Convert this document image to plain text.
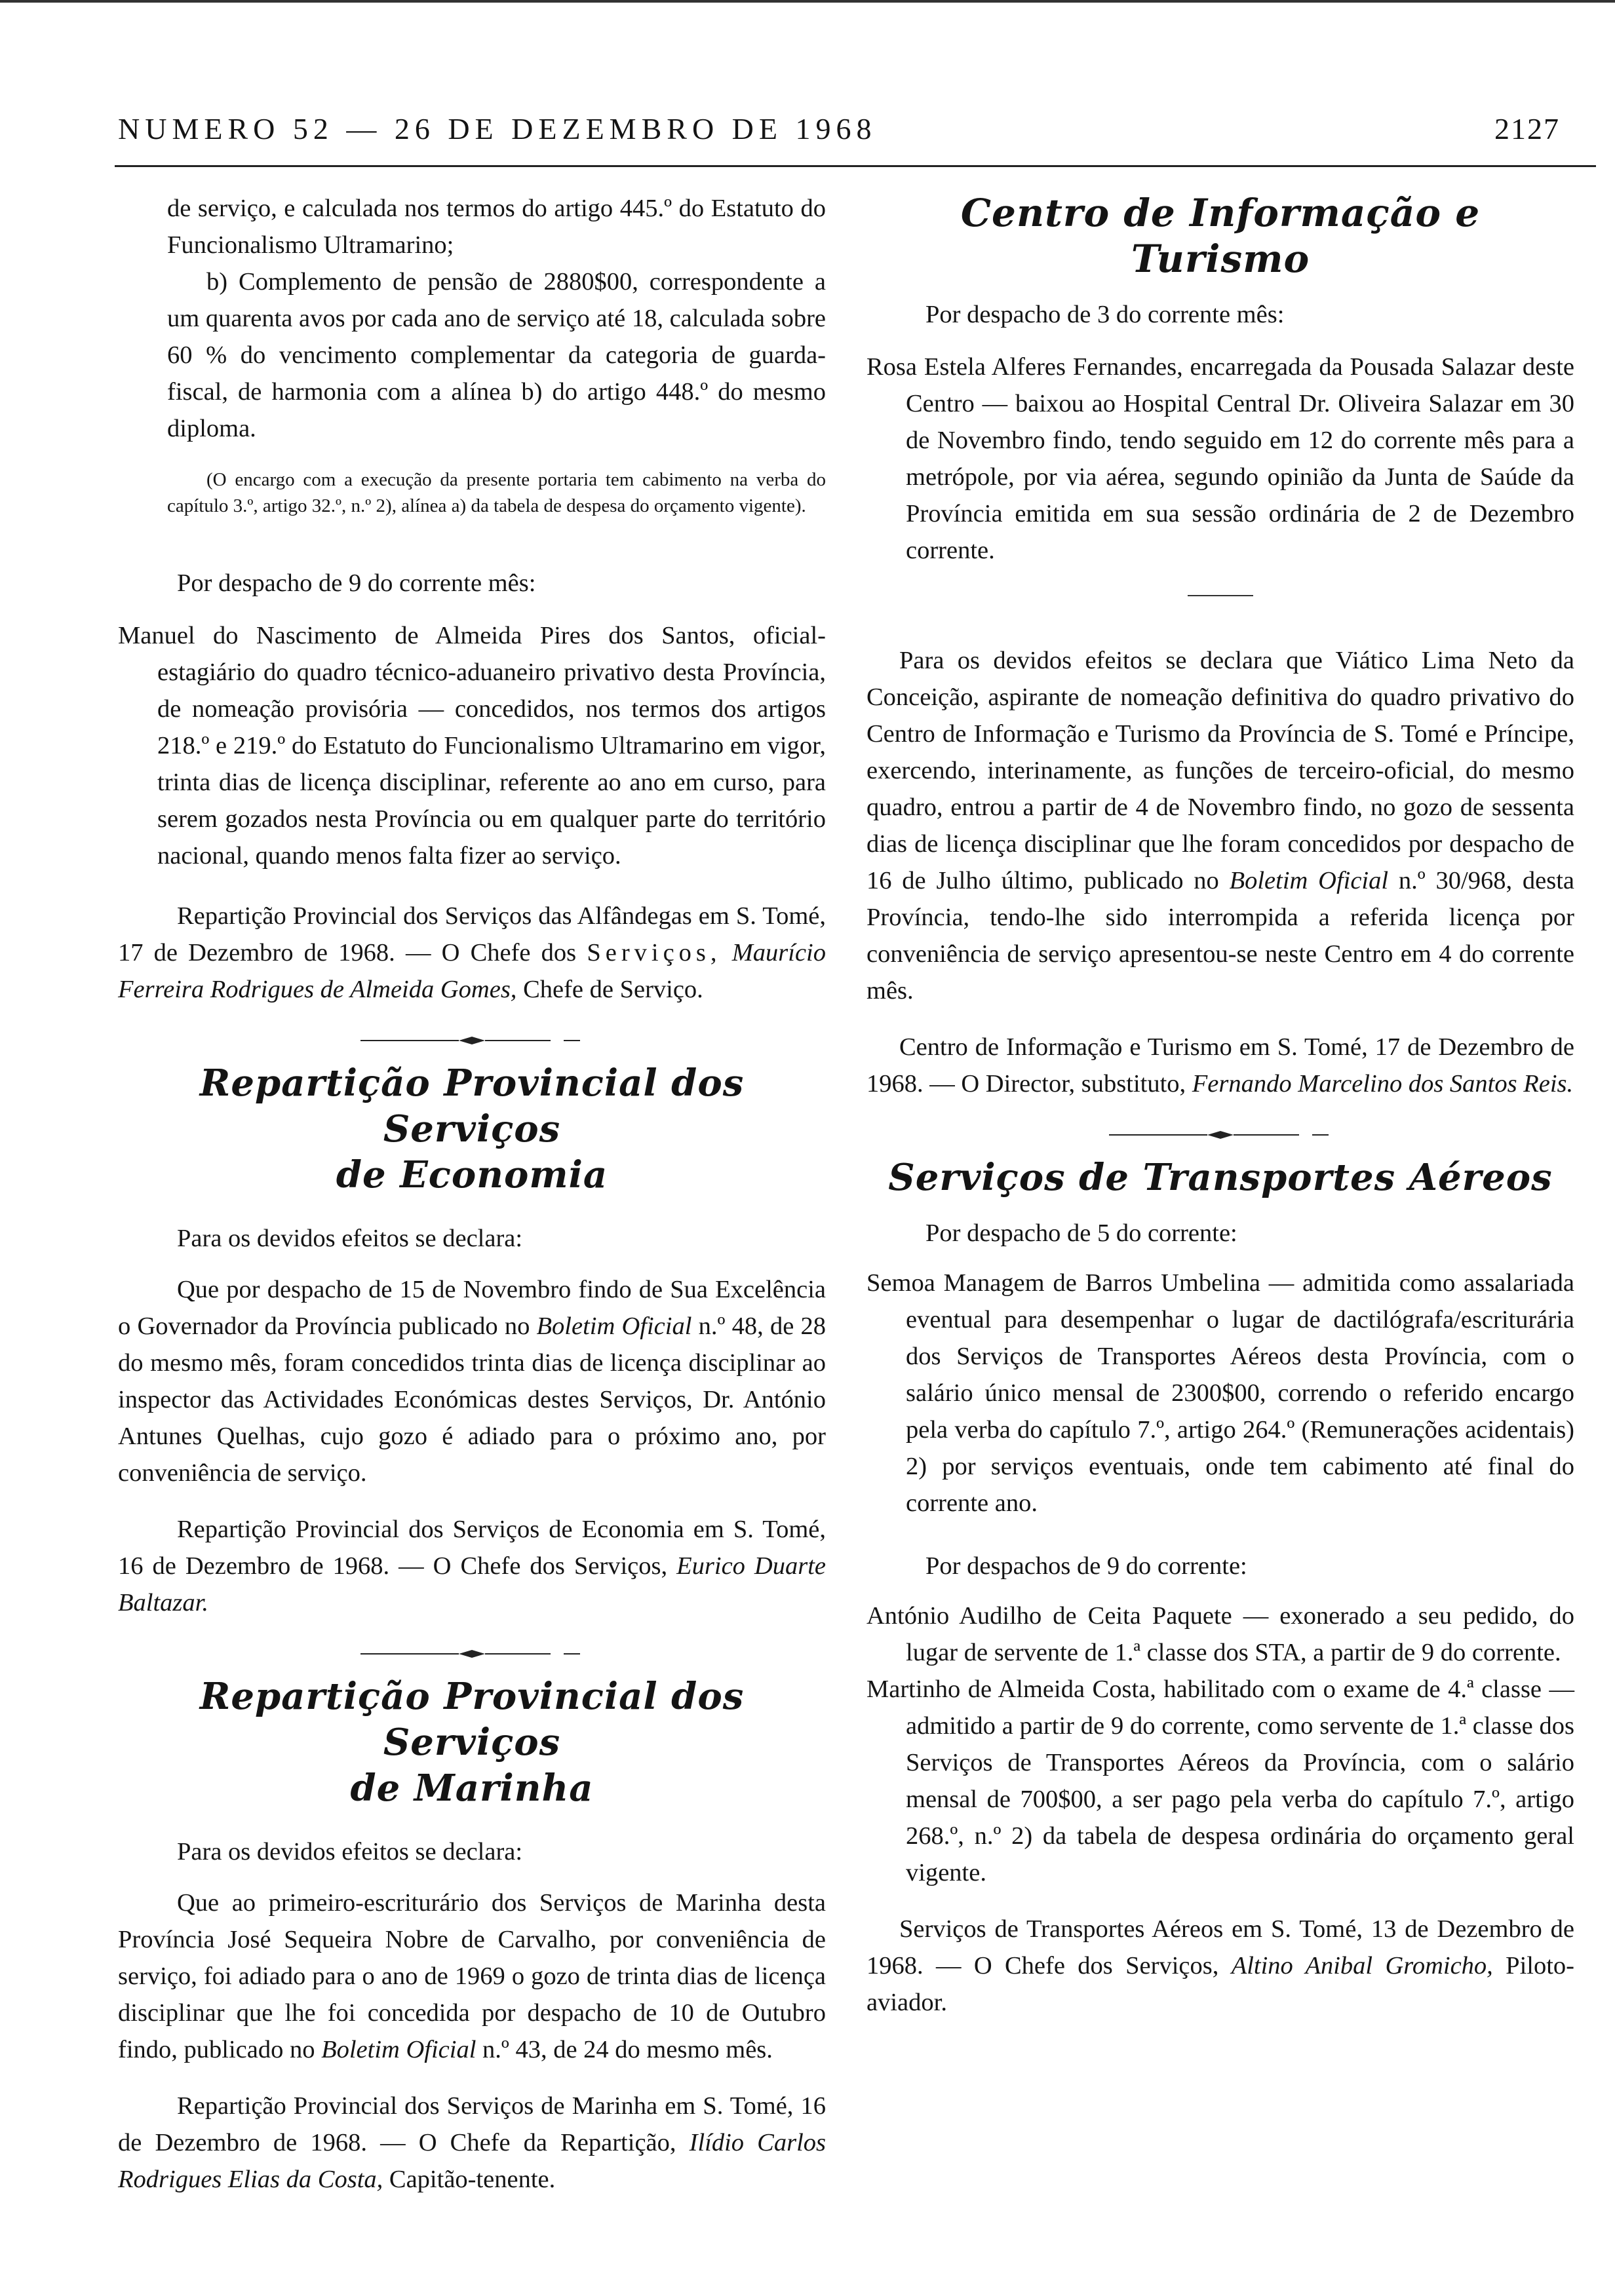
NUMERO 52 — 26 DE DEZEMBRO DE 1968	2127

de serviço, e calculada nos termos do artigo 445.º do Estatuto do Funcionalismo Ultramarino;

b) Complemento de pensão de 2880$00, correspondente a um quarenta avos por cada ano de serviço até 18, calculada sobre 60 % do vencimento complementar da categoria de guarda-fiscal, de harmonia com a alínea b) do artigo 448.º do mesmo diploma.

(O encargo com a execução da presente portaria tem cabimento na verba do capítulo 3.º, artigo 32.º, n.º 2), alínea a) da tabela de despesa do orçamento vigente).

Por despacho de 9 do corrente mês:

Manuel do Nascimento de Almeida Pires dos Santos, oficial-estagiário do quadro técnico-aduaneiro privativo desta Província, de nomeação provisória — concedidos, nos termos dos artigos 218.º e 219.º do Estatuto do Funcionalismo Ultramarino em vigor, trinta dias de licença disciplinar, referente ao ano em curso, para serem gozados nesta Província ou em qualquer parte do território nacional, quando menos falta fizer ao serviço.

Repartição Provincial dos Serviços das Alfândegas em S. Tomé, 17 de Dezembro de 1968. — O Chefe dos Serviços, Maurício Ferreira Rodrigues de Almeida Gomes, Chefe de Serviço.

Repartição Provincial dos Serviços
de Economia

Para os devidos efeitos se declara:

Que por despacho de 15 de Novembro findo de Sua Excelência o Governador da Província publicado no Boletim Oficial n.º 48, de 28 do mesmo mês, foram concedidos trinta dias de licença disciplinar ao inspector das Actividades Económicas destes Serviços, Dr. António Antunes Quelhas, cujo gozo é adiado para o próximo ano, por conveniência de serviço.

Repartição Provincial dos Serviços de Economia em S. Tomé, 16 de Dezembro de 1968. — O Chefe dos Serviços, Eurico Duarte Baltazar.

Repartição Provincial dos Serviços
de Marinha

Para os devidos efeitos se declara:

Que ao primeiro-escriturário dos Serviços de Marinha desta Província José Sequeira Nobre de Carvalho, por conveniência de serviço, foi adiado para o ano de 1969 o gozo de trinta dias de licença disciplinar que lhe foi concedida por despacho de 10 de Outubro findo, publicado no Boletim Oficial n.º 43, de 24 do mesmo mês.

Repartição Provincial dos Serviços de Marinha em S. Tomé, 16 de Dezembro de 1968. — O Chefe da Repartição, Ilídio Carlos Rodrigues Elias da Costa, Capitão-tenente.

Centro de Informação e Turismo

Por despacho de 3 do corrente mês:

Rosa Estela Alferes Fernandes, encarregada da Pousada Salazar deste Centro — baixou ao Hospital Central Dr. Oliveira Salazar em 30 de Novembro findo, tendo seguido em 12 do corrente mês para a metrópole, por via aérea, segundo opinião da Junta de Saúde da Província emitida em sua sessão ordinária de 2 de Dezembro corrente.

Para os devidos efeitos se declara que Viático Lima Neto da Conceição, aspirante de nomeação definitiva do quadro privativo do Centro de Informação e Turismo da Província de S. Tomé e Príncipe, exercendo, interinamente, as funções de terceiro-oficial, do mesmo quadro, entrou a partir de 4 de Novembro findo, no gozo de sessenta dias de licença disciplinar que lhe foram concedidos por despacho de 16 de Julho último, publicado no Boletim Oficial n.º 30/968, desta Província, tendo-lhe sido interrompida a referida licença por conveniência de serviço apresentou-se neste Centro em 4 do corrente mês.

Centro de Informação e Turismo em S. Tomé, 17 de Dezembro de 1968. — O Director, substituto, Fernando Marcelino dos Santos Reis.

Serviços de Transportes Aéreos

Por despacho de 5 do corrente:

Semoa Managem de Barros Umbelina — admitida como assalariada eventual para desempenhar o lugar de dactilógrafa/escriturária dos Serviços de Transportes Aéreos desta Província, com o salário único mensal de 2300$00, correndo o referido encargo pela verba do capítulo 7.º, artigo 264.º (Remunerações acidentais) 2) por serviços eventuais, onde tem cabimento até final do corrente ano.

Por despachos de 9 do corrente:

António Audilho de Ceita Paquete — exonerado a seu pedido, do lugar de servente de 1.ª classe dos STA, a partir de 9 do corrente.

Martinho de Almeida Costa, habilitado com o exame de 4.ª classe — admitido a partir de 9 do corrente, como servente de 1.ª classe dos Serviços de Transportes Aéreos da Província, com o salário mensal de 700$00, a ser pago pela verba do capítulo 7.º, artigo 268.º, n.º 2) da tabela de despesa ordinária do orçamento geral vigente.

Serviços de Transportes Aéreos em S. Tomé, 13 de Dezembro de 1968. — O Chefe dos Serviços, Altino Anibal Gromicho, Piloto-aviador.
